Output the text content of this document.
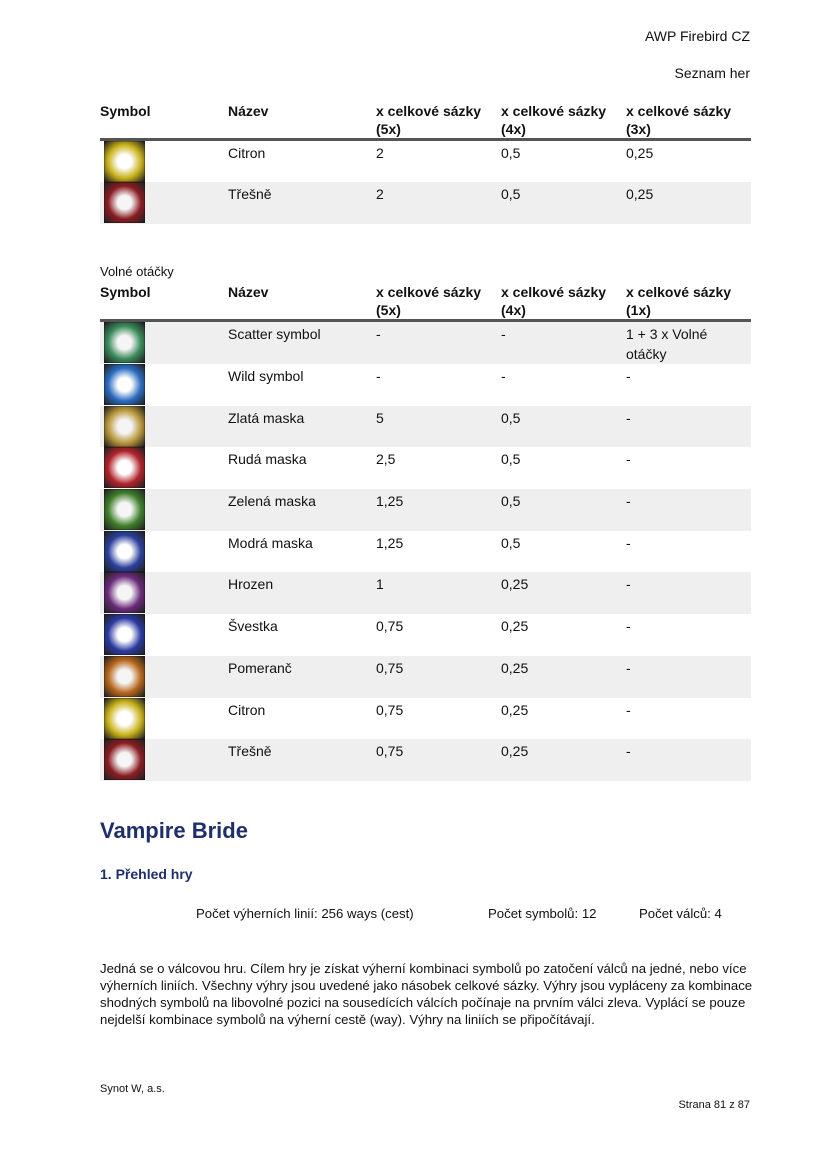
AWP Firebird CZ
Seznam her
Symbol	Název	x celkové sázky (5x)	x celkové sázky (4x)	x celkové sázky (3x)

	Citron	2	0,5	0,25

	Třešně	2	0,5	0,25
Volné otáčky
Symbol	Název	x celkové sázky (5x)	x celkové sázky (4x)	x celkové sázky (1x)

	Scatter symbol	-	-	1 + 3 x Volné otáčky

	Wild symbol	-	-	-

	Zlatá maska	5	0,5	-

	Rudá maska	2,5	0,5	-

	Zelená maska	1,25	0,5	-

	Modrá maska	1,25	0,5	-

	Hrozen	1	0,25	-

	Švestka	0,75	0,25	-

	Pomeranč	0,75	0,25	-

	Citron	0,75	0,25	-

	Třešně	0,75	0,25	-
Vampire Bride
1. Přehled hry
Počet výherních linií: 256 ways (cest)	Počet symbolů: 12	Počet válců: 4
Jedná se o válcovou hru. Cílem hry je získat výherní kombinaci symbolů po zatočení válců na jedné, nebo více výherních liniích. Všechny výhry jsou uvedené jako násobek celkové sázky. Výhry jsou vypláceny za kombinace shodných symbolů na libovolné pozici na sousedících válcích počínaje na prvním válci zleva. Vyplácí se pouze nejdelší kombinace symbolů na výherní cestě (way). Výhry na liniích se připočítávají.
Synot W, a.s.
Strana 81 z 87
